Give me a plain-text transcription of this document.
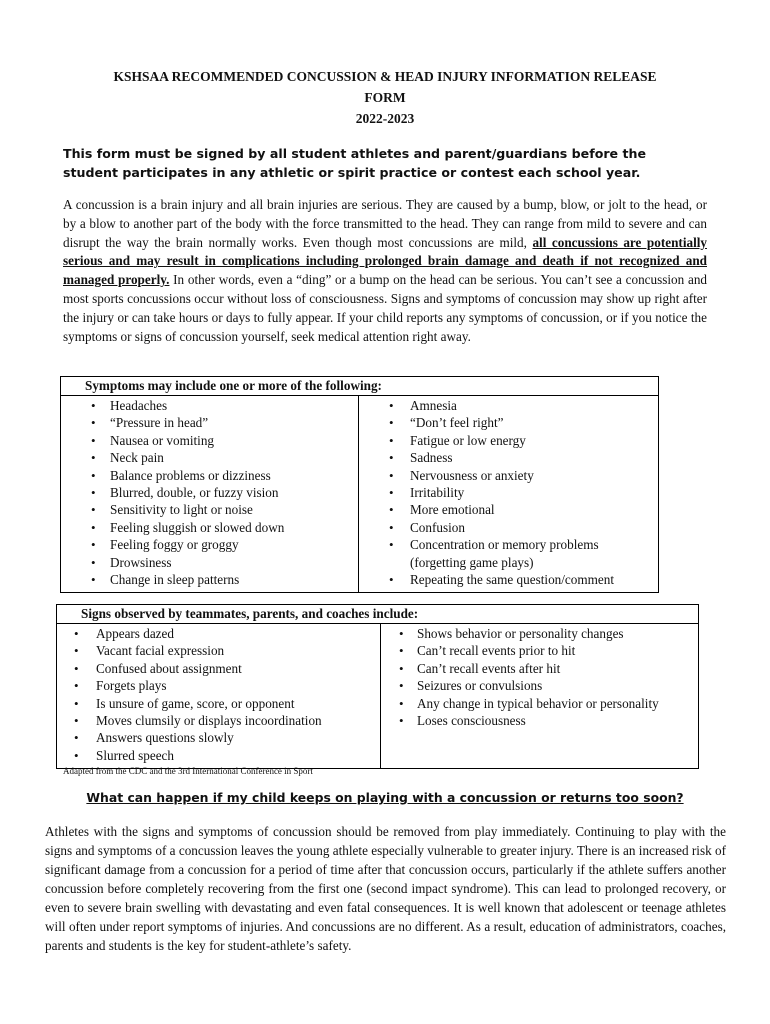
KSHSAA RECOMMENDED CONCUSSION & HEAD INJURY INFORMATION RELEASE
FORM
2022-2023
This form must be signed by all student athletes and parent/guardians before the student participates in any athletic or spirit practice or contest each school year.
A concussion is a brain injury and all brain injuries are serious. They are caused by a bump, blow, or jolt to the head, or by a blow to another part of the body with the force transmitted to the head. They can range from mild to severe and can disrupt the way the brain normally works. Even though most concussions are mild, all concussions are potentially serious and may result in complications including prolonged brain damage and death if not recognized and managed properly. In other words, even a “ding” or a bump on the head can be serious. You can’t see a concussion and most sports concussions occur without loss of consciousness. Signs and symptoms of concussion may show up right after the injury or can take hours or days to fully appear. If your child reports any symptoms of concussion, or if you notice the symptoms or signs of concussion yourself, seek medical attention right away.
Symptoms may include one or more of the following:

• Headaches
• “Pressure in head”
• Nausea or vomiting
• Neck pain
• Balance problems or dizziness
• Blurred, double, or fuzzy vision
• Sensitivity to light or noise
• Feeling sluggish or slowed down
• Feeling foggy or groggy
• Drowsiness
• Change in sleep patterns

• Amnesia
• “Don’t feel right”
• Fatigue or low energy
• Sadness
• Nervousness or anxiety
• Irritability
• More emotional
• Confusion
• Concentration or memory problems (forgetting game plays)
• Repeating the same question/comment
Signs observed by teammates, parents, and coaches include:

• Appears dazed
• Vacant facial expression
• Confused about assignment
• Forgets plays
• Is unsure of game, score, or opponent
• Moves clumsily or displays incoordination
• Answers questions slowly
• Slurred speech

• Shows behavior or personality changes
• Can’t recall events prior to hit
• Can’t recall events after hit
• Seizures or convulsions
• Any change in typical behavior or personality
• Loses consciousness
Adapted from the CDC and the 3rd International Conference in Sport
What can happen if my child keeps on playing with a concussion or returns too soon?
Athletes with the signs and symptoms of concussion should be removed from play immediately. Continuing to play with the signs and symptoms of a concussion leaves the young athlete especially vulnerable to greater injury. There is an increased risk of significant damage from a concussion for a period of time after that concussion occurs, particularly if the athlete suffers another concussion before completely recovering from the first one (second impact syndrome). This can lead to prolonged recovery, or even to severe brain swelling with devastating and even fatal consequences. It is well known that adolescent or teenage athletes will often under report symptoms of injuries. And concussions are no different. As a result, education of administrators, coaches, parents and students is the key for student-athlete’s safety.
